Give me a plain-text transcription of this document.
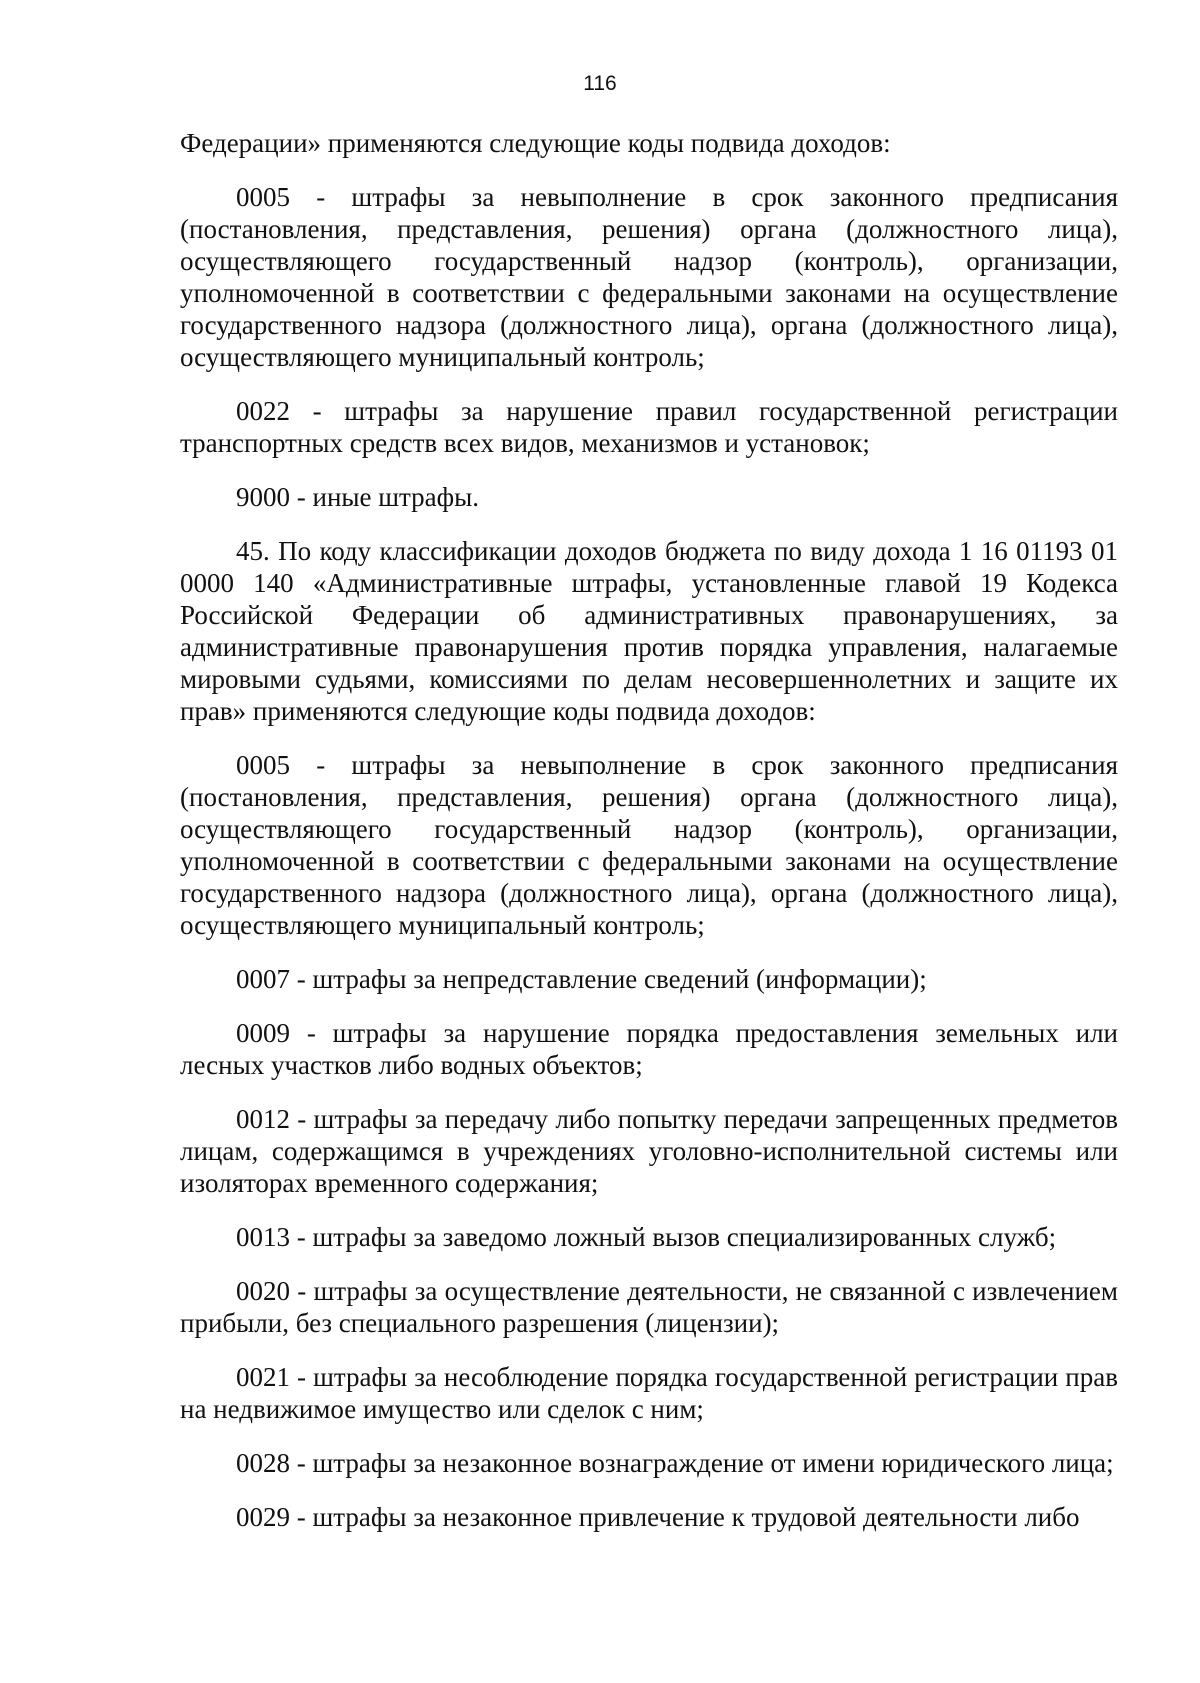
116

Федерации» применяются следующие коды подвида доходов:

0005 - штрафы за невыполнение в срок законного предписания (постановления, представления, решения) органа (должностного лица), осуществляющего государственный надзор (контроль), организации, уполномоченной в соответствии с федеральными законами на осуществление государственного надзора (должностного лица), органа (должностного лица), осуществляющего муниципальный контроль;

0022 - штрафы за нарушение правил государственной регистрации транспортных средств всех видов, механизмов и установок;

9000 - иные штрафы.

45. По коду классификации доходов бюджета по виду дохода 1 16 01193 01 0000 140 «Административные штрафы, установленные главой 19 Кодекса Российской Федерации об административных правонарушениях, за административные правонарушения против порядка управления, налагаемые мировыми судьями, комиссиями по делам несовершеннолетних и защите их прав» применяются следующие коды подвида доходов:

0005 - штрафы за невыполнение в срок законного предписания (постановления, представления, решения) органа (должностного лица), осуществляющего государственный надзор (контроль), организации, уполномоченной в соответствии с федеральными законами на осуществление государственного надзора (должностного лица), органа (должностного лица), осуществляющего муниципальный контроль;

0007 - штрафы за непредставление сведений (информации);

0009 - штрафы за нарушение порядка предоставления земельных или лесных участков либо водных объектов;

0012 - штрафы за передачу либо попытку передачи запрещенных предметов лицам, содержащимся в учреждениях уголовно-исполнительной системы или изоляторах временного содержания;

0013 - штрафы за заведомо ложный вызов специализированных служб;

0020 - штрафы за осуществление деятельности, не связанной с извлечением прибыли, без специального разрешения (лицензии);

0021 - штрафы за несоблюдение порядка государственной регистрации прав на недвижимое имущество или сделок с ним;

0028 - штрафы за незаконное вознаграждение от имени юридического лица;

0029 - штрафы за незаконное привлечение к трудовой деятельности либо
